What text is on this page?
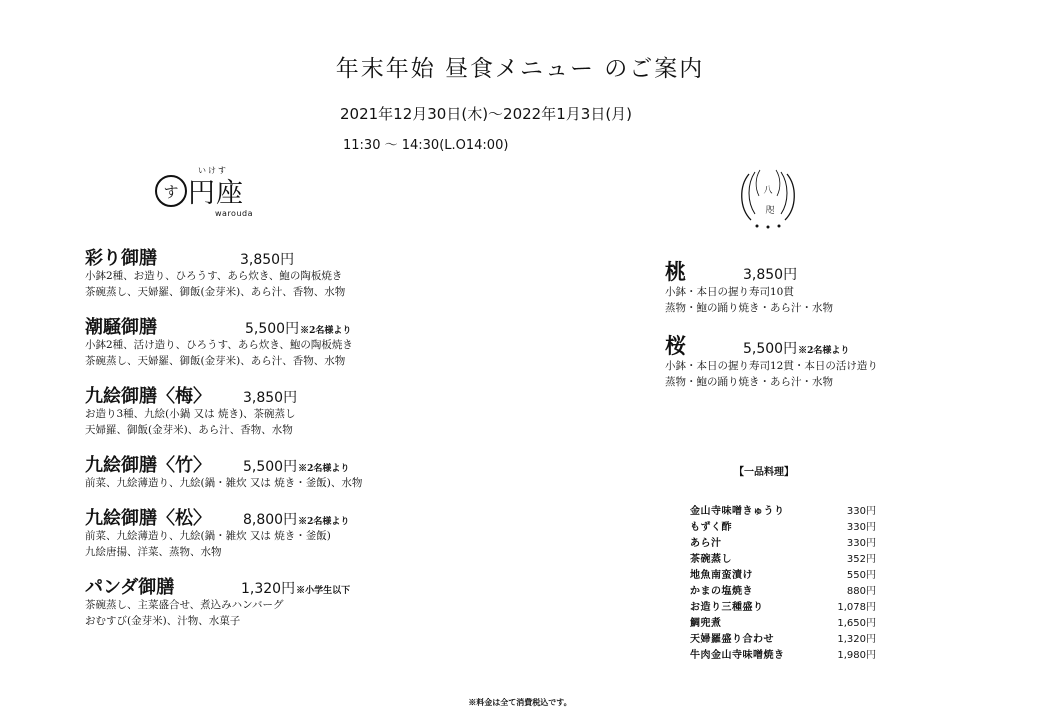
年末年始 昼食メニュー のご案内
2021年12月30日(木)～2022年1月3日(月)
11:30 ～ 14:30(L.O14:00)
す
いけす
円座
warouda
八
咫
彩り御膳	3,850円
小鉢2種、お造り、ひろうす、あら炊き、鮑の陶板焼き
茶碗蒸し、天婦羅、御飯(金芽米)、あら汁、香物、水物
潮騒御膳	5,500円 ※2名様より
小鉢2種、活け造り、ひろうす、あら炊き、鮑の陶板焼き
茶碗蒸し、天婦羅、御飯(金芽米)、あら汁、香物、水物
九絵御膳〈梅〉	3,850円
お造り3種、九絵(小鍋 又は 焼き)、茶碗蒸し
天婦羅、御飯(金芽米)、あら汁、香物、水物
九絵御膳〈竹〉	5,500円 ※2名様より
前菜、九絵薄造り、九絵(鍋・雑炊 又は 焼き・釜飯)、水物
九絵御膳〈松〉	8,800円 ※2名様より
前菜、九絵薄造り、九絵(鍋・雑炊 又は 焼き・釜飯)
九絵唐揚、洋菜、蒸物、水物
パンダ御膳	1,320円 ※小学生以下
茶碗蒸し、主菜盛合せ、煮込みハンバーグ
おむすび(金芽米)、汁物、水菓子
桃	3,850円
小鉢・本日の握り寿司10貫
蒸物・鮑の踊り焼き・あら汁・水物
桜	5,500円 ※2名様より
小鉢・本日の握り寿司12貫・本日の活け造り
蒸物・鮑の踊り焼き・あら汁・水物
【一品料理】
金山寺味噌きゅうり	330円
もずく酢	330円
あら汁	330円
茶碗蒸し	352円
地魚南蛮漬け	550円
かまの塩焼き	880円
お造り三種盛り	1,078円
鯛兜煮	1,650円
天婦羅盛り合わせ	1,320円
牛肉金山寺味噌焼き	1,980円
※料金は全て消費税込です。
